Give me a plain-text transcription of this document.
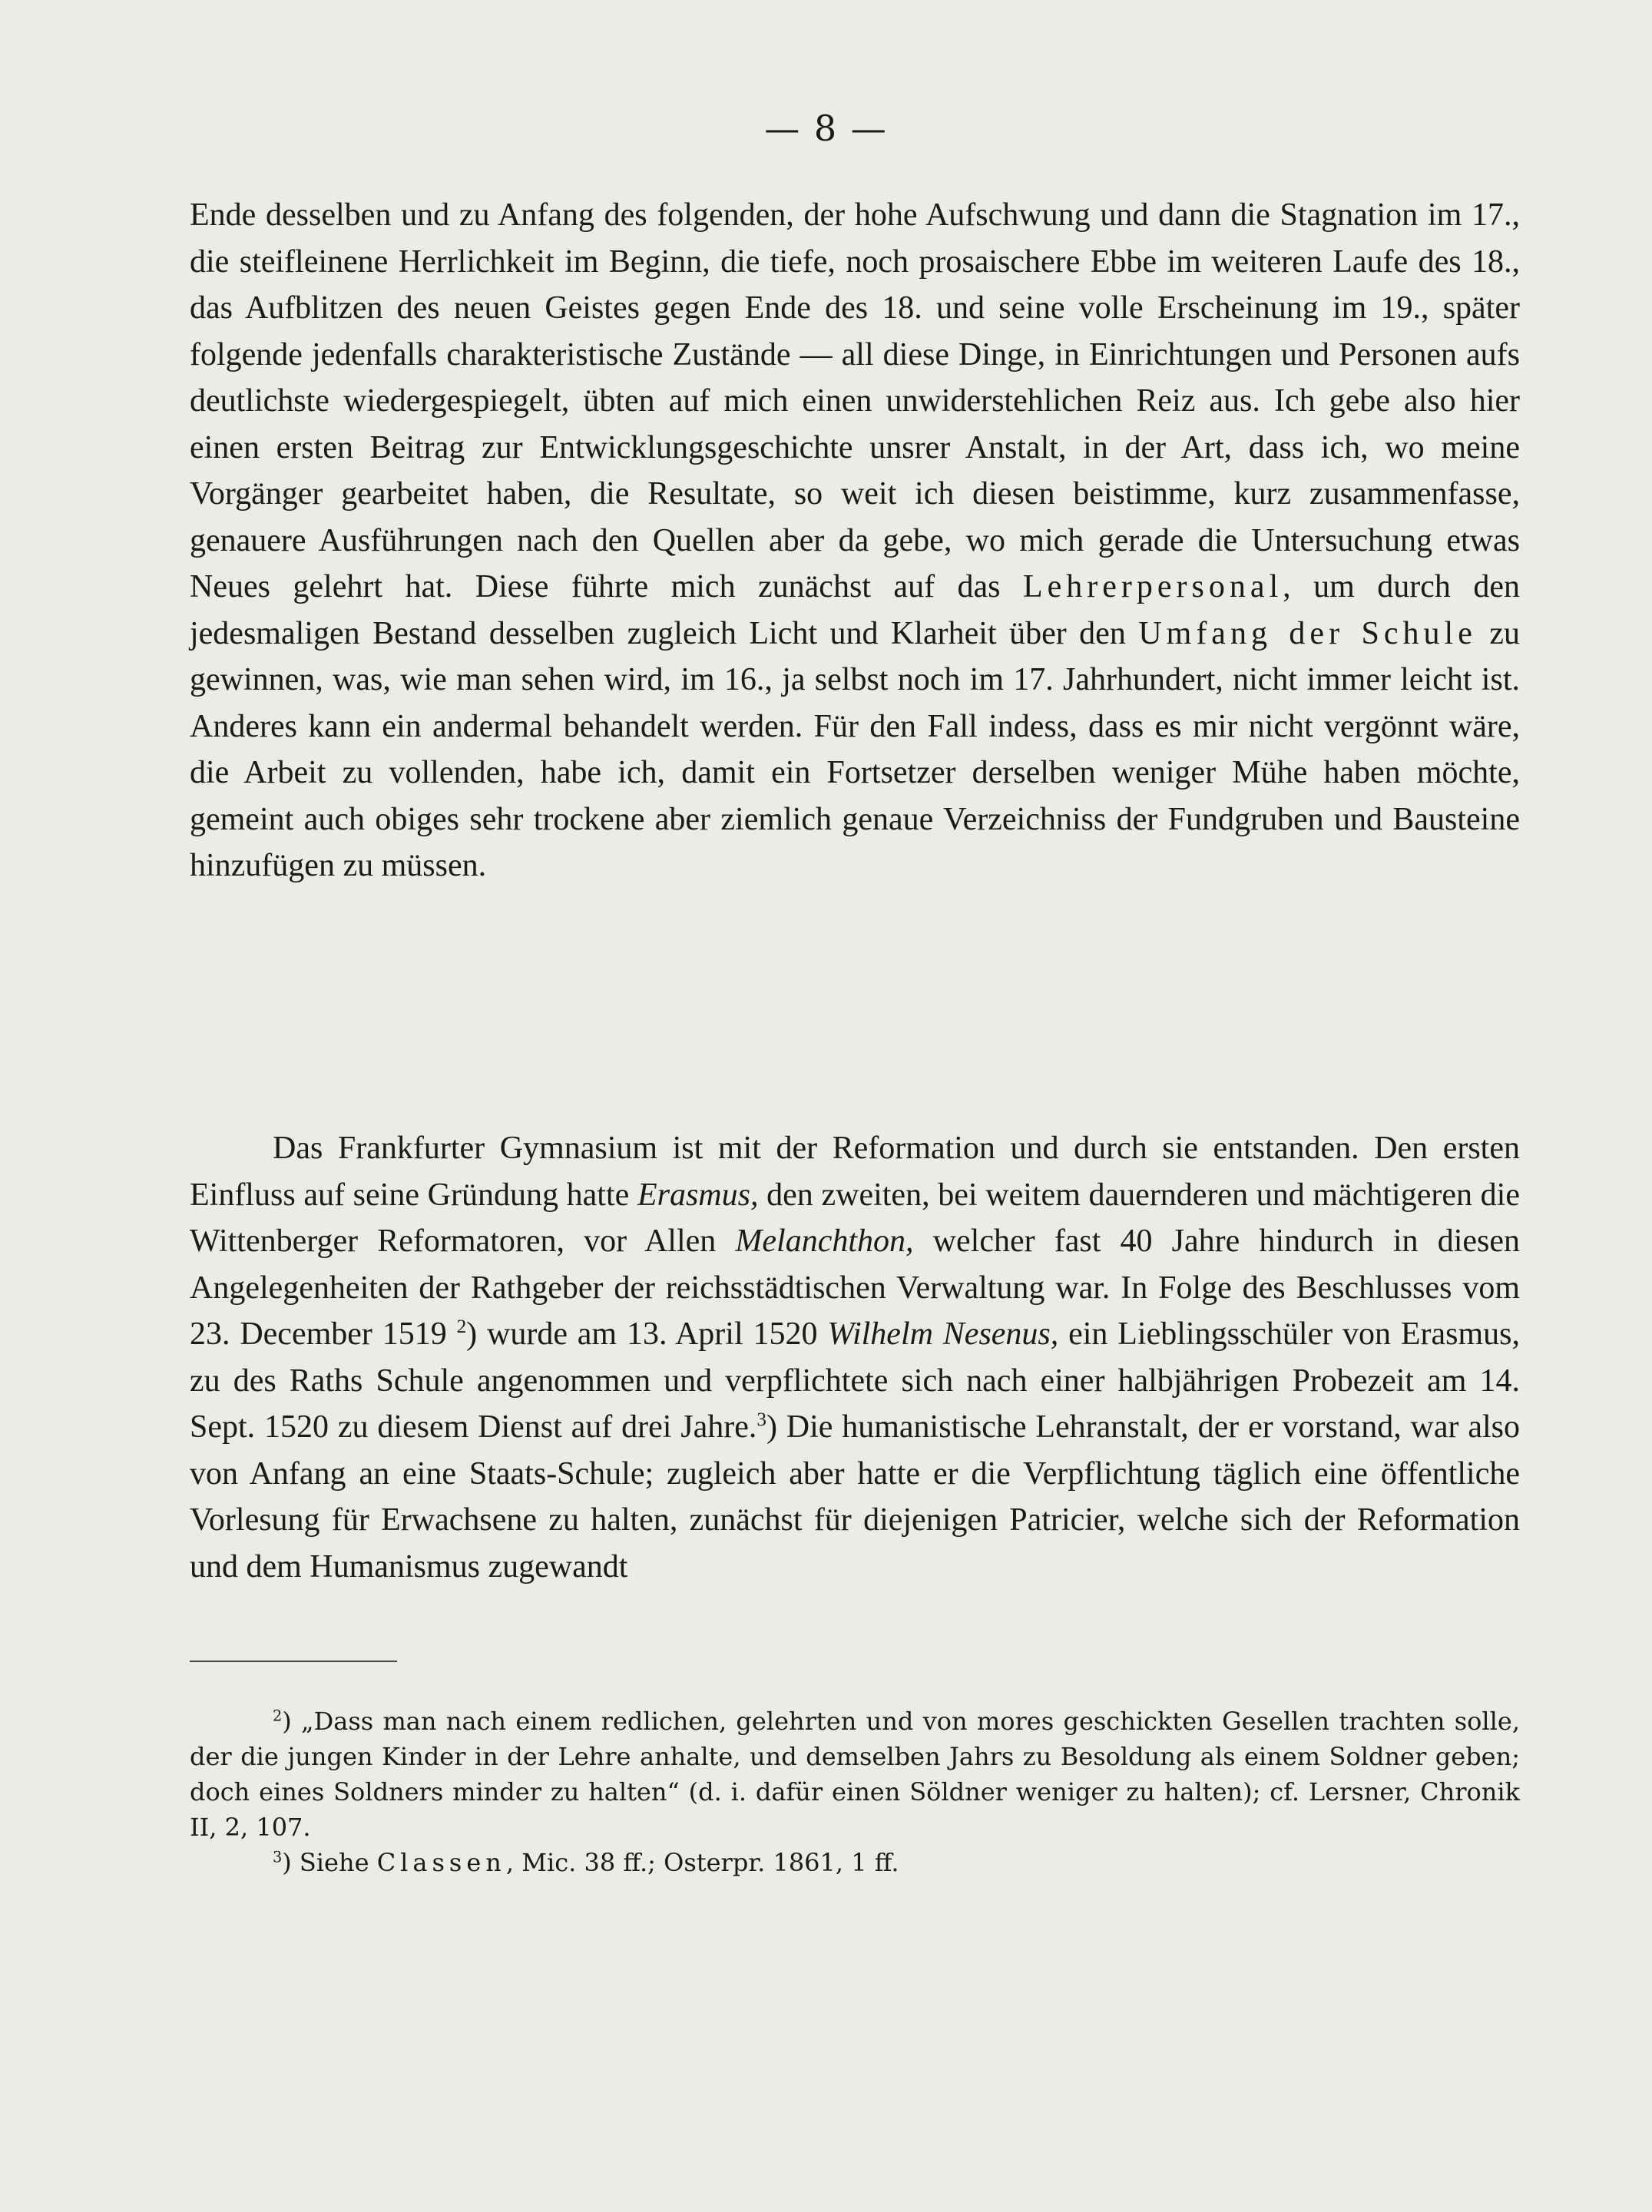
— 8 —

Ende desselben und zu Anfang des folgenden, der hohe Aufschwung und dann die Stagnation im 17., die steifleinene Herrlichkeit im Beginn, die tiefe, noch prosaischere Ebbe im weiteren Laufe des 18., das Aufblitzen des neuen Geistes gegen Ende des 18. und seine volle Erscheinung im 19., später folgende jedenfalls charakteristische Zustände — all diese Dinge, in Einrichtungen und Personen aufs deutlichste wiedergespiegelt, übten auf mich einen unwiderstehlichen Reiz aus. Ich gebe also hier einen ersten Beitrag zur Entwicklungsgeschichte unsrer Anstalt, in der Art, dass ich, wo meine Vorgänger gearbeitet haben, die Resultate, so weit ich diesen beistimme, kurz zusammenfasse, genauere Ausführungen nach den Quellen aber da gebe, wo mich gerade die Untersuchung etwas Neues gelehrt hat. Diese führte mich zunächst auf das Lehrerpersonal, um durch den jedesmaligen Bestand desselben zugleich Licht und Klarheit über den Umfang der Schule zu gewinnen, was, wie man sehen wird, im 16., ja selbst noch im 17. Jahrhundert, nicht immer leicht ist. Anderes kann ein andermal behandelt werden. Für den Fall indess, dass es mir nicht vergönnt wäre, die Arbeit zu vollenden, habe ich, damit ein Fortsetzer derselben weniger Mühe haben möchte, gemeint auch obiges sehr trockene aber ziemlich genaue Verzeichniss der Fundgruben und Bausteine hinzufügen zu müssen.

Das Frankfurter Gymnasium ist mit der Reformation und durch sie entstanden. Den ersten Einfluss auf seine Gründung hatte Erasmus, den zweiten, bei weitem dauernderen und mächtigeren die Wittenberger Reformatoren, vor Allen Melanchthon, welcher fast 40 Jahre hindurch in diesen Angelegenheiten der Rathgeber der reichsstädtischen Verwaltung war. In Folge des Beschlusses vom 23. December 1519 $^2$) wurde am 13. April 1520 Wilhelm Nesenus, ein Lieblingsschüler von Erasmus, zu des Raths Schule angenommen und verpflichtete sich nach einer halbjährigen Probezeit am 14. Sept. 1520 zu diesem Dienst auf drei Jahre.$^3$) Die humanistische Lehranstalt, der er vorstand, war also von Anfang an eine Staats-Schule; zugleich aber hatte er die Verpflichtung täglich eine öffentliche Vorlesung für Erwachsene zu halten, zunächst für diejenigen Patricier, welche sich der Reformation und dem Humanismus zugewandt

$^2$) „Dass man nach einem redlichen, gelehrten und von mores geschickten Gesellen trachten solle, der die jungen Kinder in der Lehre anhalte, und demselben Jahrs zu Besoldung als einem Soldner geben; doch eines Soldners minder zu halten“ (d. i. dafür einen Söldner weniger zu halten); cf. Lersner, Chronik II, 2, 107.

$^3$) Siehe Classen, Mic. 38 ff.; Osterpr. 1861, 1 ff.
